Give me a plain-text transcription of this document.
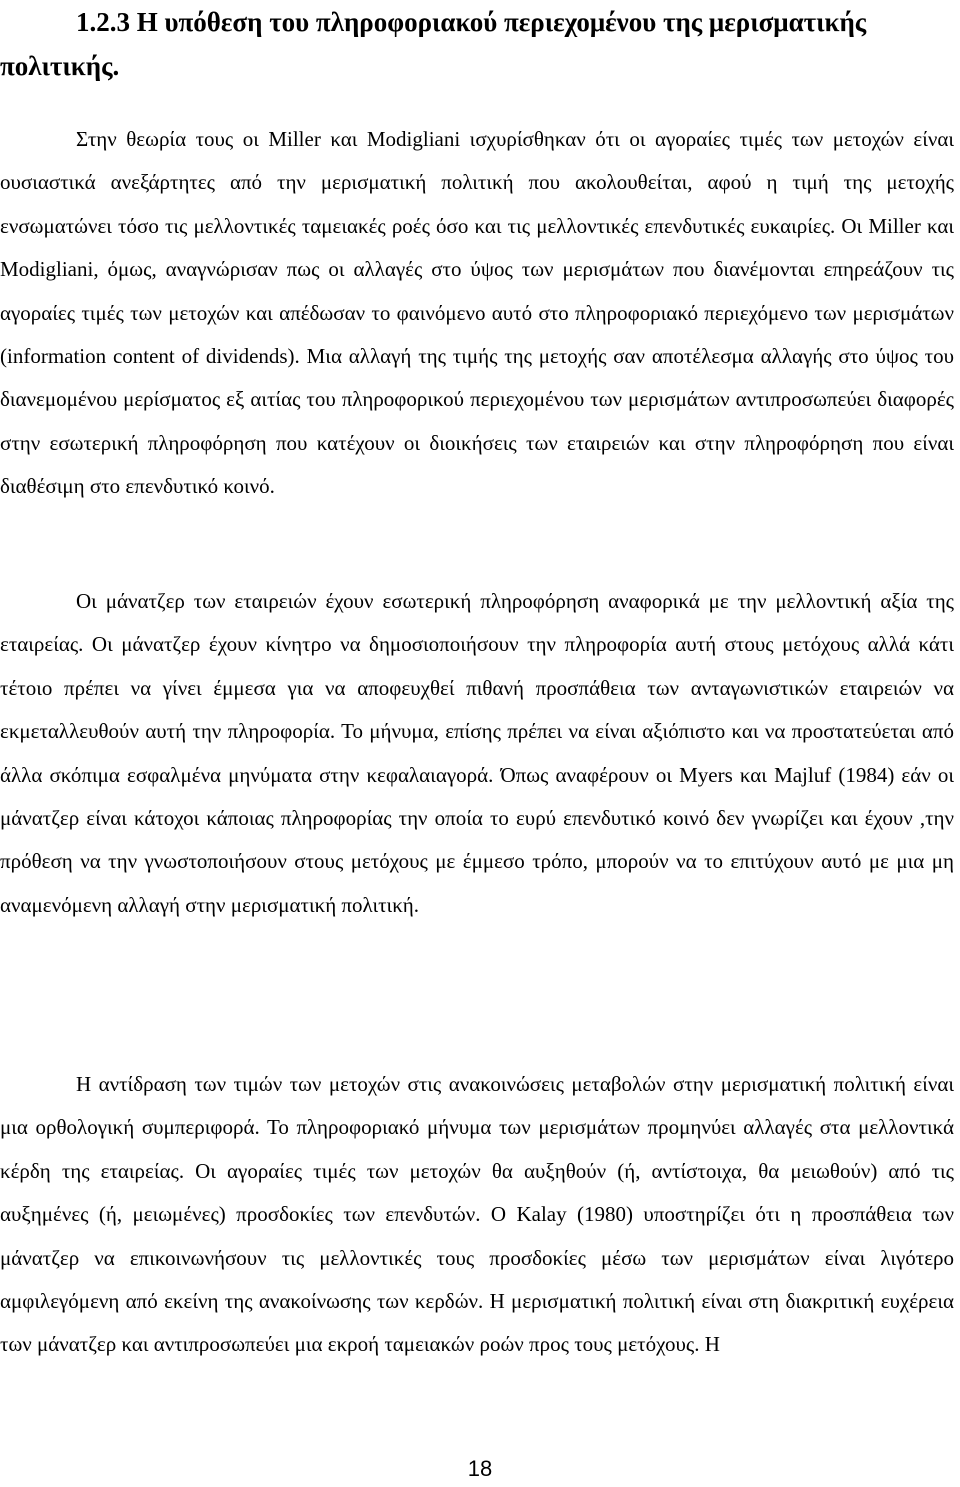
1.2.3 Η υπόθεση του πληροφοριακού περιεχομένου της μερισματικής
πολιτικής.

Στην θεωρία τους οι Miller και Modigliani ισχυρίσθηκαν ότι οι αγοραίες τιμές των μετοχών είναι ουσιαστικά ανεξάρτητες από την μερισματική πολιτική που ακολουθείται, αφού η τιμή της μετοχής ενσωματώνει τόσο τις μελλοντικές ταμειακές ροές όσο και τις μελλοντικές επενδυτικές ευκαιρίες. Οι Miller και Modigliani, όμως, αναγνώρισαν πως οι αλλαγές στο ύψος των μερισμάτων που διανέμονται επηρεάζουν τις αγοραίες τιμές των μετοχών και απέδωσαν το φαινόμενο αυτό στο πληροφοριακό περιεχόμενο των μερισμάτων (information content of dividends). Μια αλλαγή της τιμής της μετοχής σαν αποτέλεσμα αλλαγής στο ύψος του διανεμομένου μερίσματος εξ αιτίας του πληροφορικού περιεχομένου των μερισμάτων αντιπροσωπεύει διαφορές στην εσωτερική πληροφόρηση που κατέχουν οι διοικήσεις των εταιρειών και στην πληροφόρηση που είναι διαθέσιμη στο επενδυτικό κοινό.

Οι μάνατζερ των εταιρειών έχουν εσωτερική πληροφόρηση αναφορικά με την μελλοντική αξία της εταιρείας. Οι μάνατζερ έχουν κίνητρο να δημοσιοποιήσουν την πληροφορία αυτή στους μετόχους αλλά κάτι τέτοιο πρέπει να γίνει έμμεσα για να αποφευχθεί πιθανή προσπάθεια των ανταγωνιστικών εταιρειών να εκμεταλλευθούν αυτή την πληροφορία. Το μήνυμα, επίσης πρέπει να είναι αξιόπιστο και να προστατεύεται από άλλα σκόπιμα εσφαλμένα μηνύματα στην κεφαλαιαγορά. Όπως αναφέρουν οι Myers και Majluf (1984) εάν οι μάνατζερ είναι κάτοχοι κάποιας πληροφορίας την οποία το ευρύ επενδυτικό κοινό δεν γνωρίζει και έχουν ,την πρόθεση να την γνωστοποιήσουν στους μετόχους με έμμεσο τρόπο, μπορούν να το επιτύχουν αυτό με μια μη αναμενόμενη αλλαγή στην μερισματική πολιτική.

Η αντίδραση των τιμών των μετοχών στις ανακοινώσεις μεταβολών στην μερισματική πολιτική είναι μια ορθολογική συμπεριφορά. Το πληροφοριακό μήνυμα των μερισμάτων προμηνύει αλλαγές στα μελλοντικά κέρδη της εταιρείας. Οι αγοραίες τιμές των μετοχών θα αυξηθούν (ή, αντίστοιχα, θα μειωθούν) από τις αυξημένες (ή, μειωμένες) προσδοκίες των επενδυτών. Ο Kalay (1980) υποστηρίζει ότι η προσπάθεια των μάνατζερ να επικοινωνήσουν τις μελλοντικές τους προσδοκίες μέσω των μερισμάτων είναι λιγότερο αμφιλεγόμενη από εκείνη της ανακοίνωσης των κερδών. Η μερισματική πολιτική είναι στη διακριτική ευχέρεια των μάνατζερ και αντιπροσωπεύει μια εκροή ταμειακών ροών προς τους μετόχους. Η

18
